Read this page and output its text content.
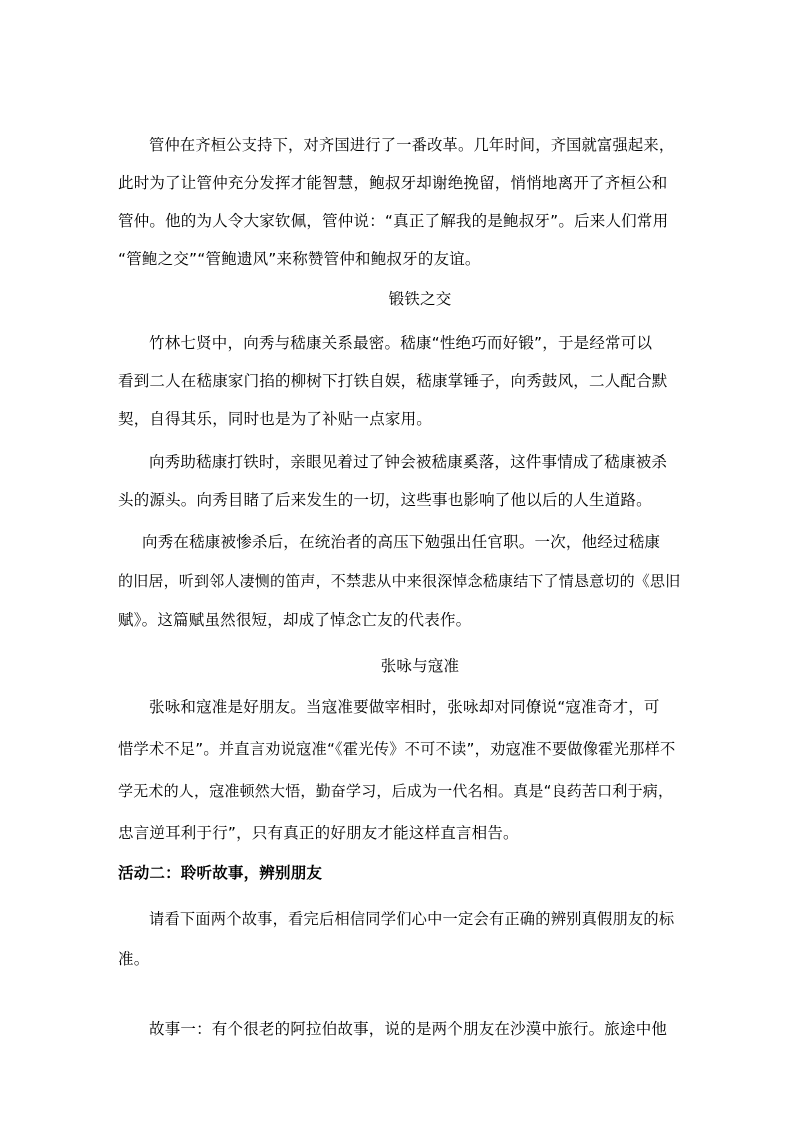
管仲在齐桓公支持下，对齐国进行了一番改革。几年时间，齐国就富强起来，
此时为了让管仲充分发挥才能智慧，鲍叔牙却谢绝挽留，悄悄地离开了齐桓公和
管仲。他的为人令大家钦佩，管仲说：“真正了解我的是鲍叔牙”。后来人们常用
“管鲍之交”“管鲍遗风”来称赞管仲和鲍叔牙的友谊。
锻铁之交
竹林七贤中，向秀与嵇康关系最密。嵇康“性绝巧而好锻”，于是经常可以
看到二人在嵇康家门掐的柳树下打铁自娱，嵇康掌锤子，向秀鼓风，二人配合默
契，自得其乐，同时也是为了补贴一点家用。
向秀助嵇康打铁时，亲眼见着过了钟会被嵇康奚落，这件事情成了嵇康被杀
头的源头。向秀目睹了后来发生的一切，这些事也影响了他以后的人生道路。
向秀在嵇康被惨杀后，在统治者的高压下勉强出任官职。一次，他经过嵇康
的旧居，听到邻人凄恻的笛声，不禁悲从中来很深悼念嵇康结下了情恳意切的《思旧
赋》。这篇赋虽然很短，却成了悼念亡友的代表作。
张咏与寇准
张咏和寇准是好朋友。当寇准要做宰相时，张咏却对同僚说“寇准奇才，可
惜学术不足”。并直言劝说寇准“《霍光传》不可不读”，劝寇准不要做像霍光那样不
学无术的人，寇准顿然大悟，勤奋学习，后成为一代名相。真是“良药苦口利于病，
忠言逆耳利于行”，只有真正的好朋友才能这样直言相告。
活动二：聆听故事，辨别朋友
请看下面两个故事，看完后相信同学们心中一定会有正确的辨别真假朋友的标
准。
故事一：有个很老的阿拉伯故事，说的是两个朋友在沙漠中旅行。旅途中他
